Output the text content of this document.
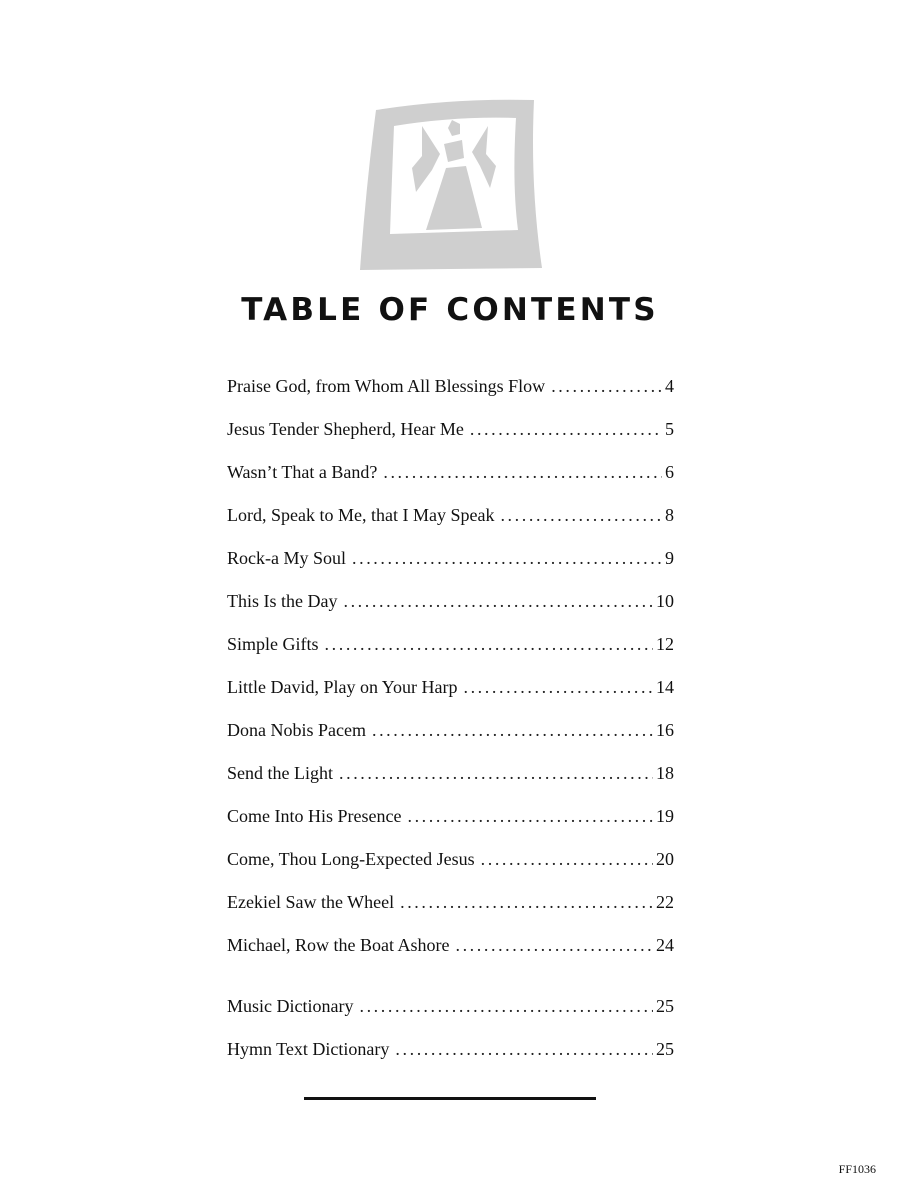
TABLE OF CONTENTS
Praise God, from Whom All Blessings Flow .....	4
Jesus Tender Shepherd, Hear Me .....	5
Wasn’t That a Band? .....	6
Lord, Speak to Me, that I May Speak .....	8
Rock-a My Soul .....	9
This Is the Day .....	10
Simple Gifts .....	12
Little David, Play on Your Harp .....	14
Dona Nobis Pacem .....	16
Send the Light .....	18
Come Into His Presence .....	19
Come, Thou Long-Expected Jesus .....	20
Ezekiel Saw the Wheel .....	22
Michael, Row the Boat Ashore .....	24
Music Dictionary .....	25
Hymn Text Dictionary .....	25
FF1036
